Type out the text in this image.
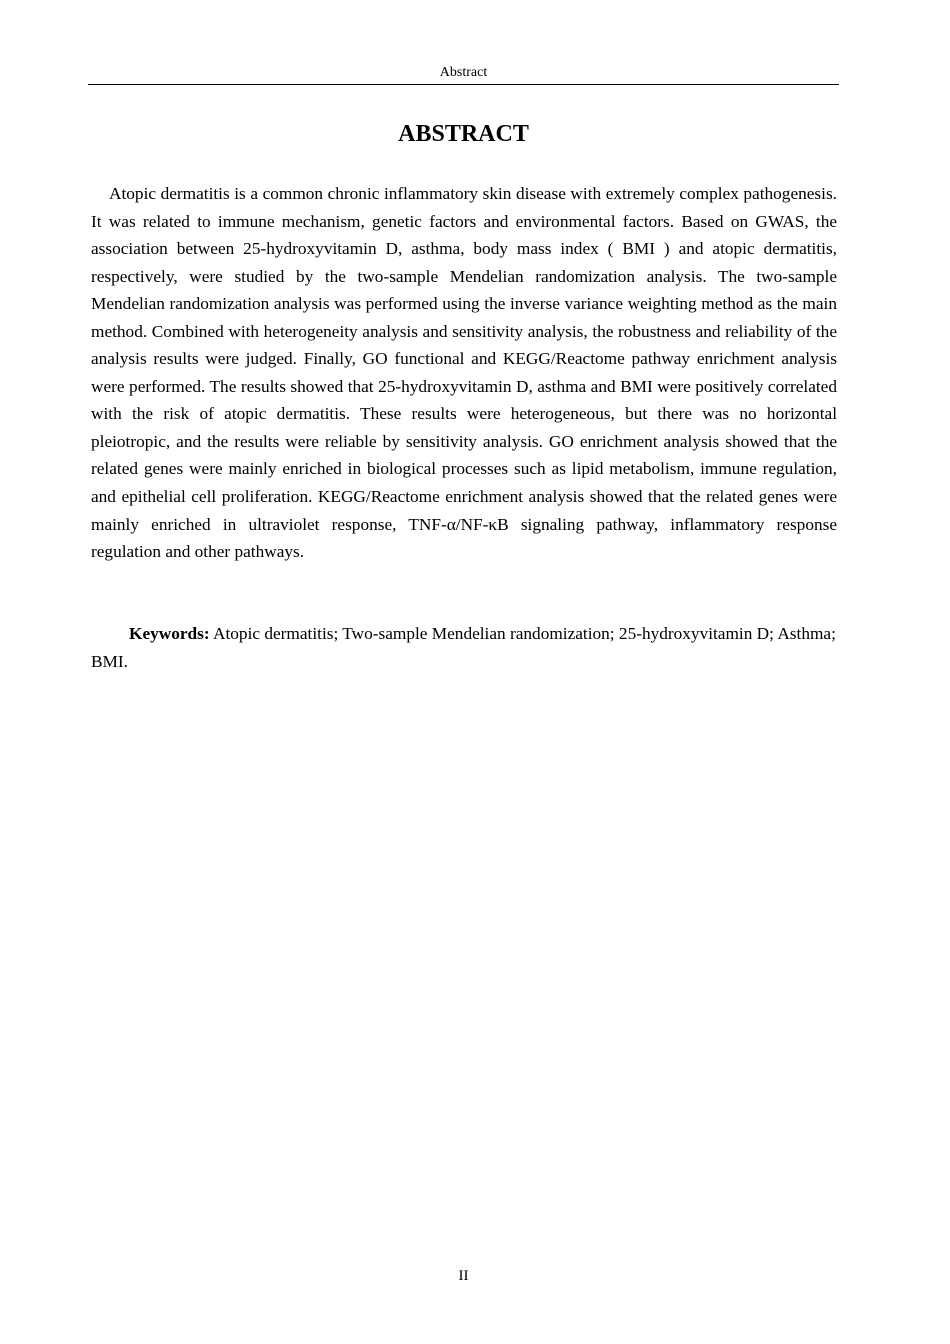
Abstract
ABSTRACT

Atopic dermatitis is a common chronic inflammatory skin disease with extremely complex pathogenesis. It was related to immune mechanism, genetic factors and environmental factors. Based on GWAS, the association between 25-hydroxyvitamin D, asthma, body mass index ( BMI ) and atopic dermatitis, respectively, were studied by the two-sample Mendelian randomization analysis. The two-sample Mendelian randomization analysis was performed using the inverse variance weighting method as the main method. Combined with heterogeneity analysis and sensitivity analysis, the robustness and reliability of the analysis results were judged. Finally, GO functional and KEGG/Reactome pathway enrichment analysis were performed. The results showed that 25-hydroxyvitamin D, asthma and BMI were positively correlated with the risk of atopic dermatitis. These results were heterogeneous, but there was no horizontal pleiotropic, and the results were reliable by sensitivity analysis. GO enrichment analysis showed that the related genes were mainly enriched in biological processes such as lipid metabolism, immune regulation, and epithelial cell proliferation. KEGG/Reactome enrichment analysis showed that the related genes were mainly enriched in ultraviolet response, TNF-α/NF-κB signaling pathway, inflammatory response regulation and other pathways.

Keywords: Atopic dermatitis; Two-sample Mendelian randomization; 25-hydroxyvitamin D; Asthma; BMI.

II
